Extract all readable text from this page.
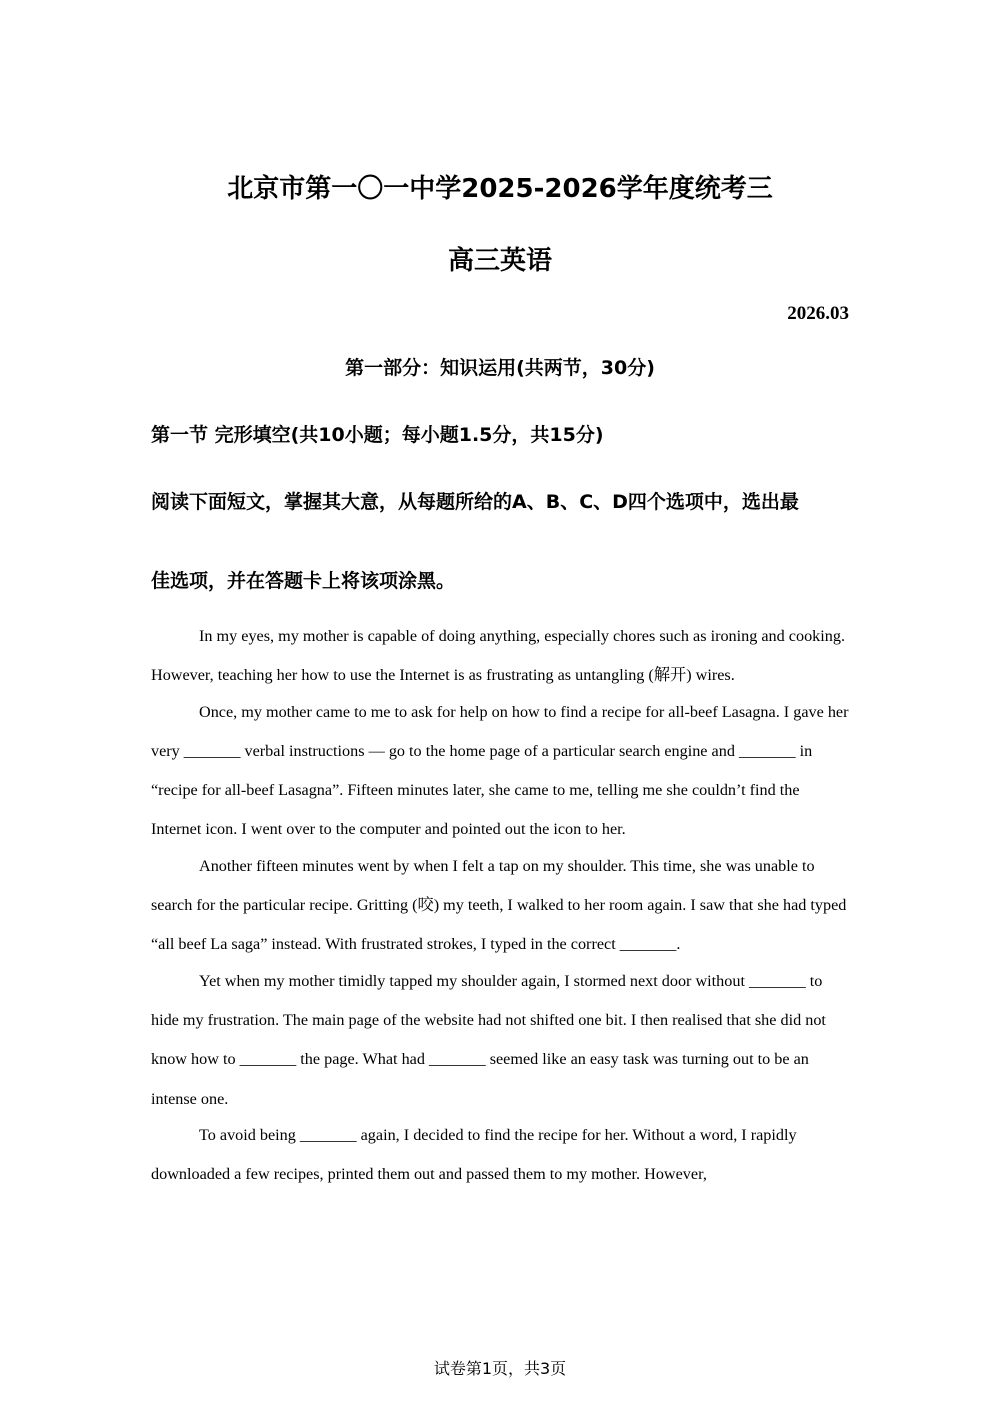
北京市第一〇一中学2025-2026学年度统考三
高三英语
2026.03
第一部分：知识运用(共两节，30分)
第一节 完形填空(共10小题；每小题1.5分，共15分)
阅读下面短文，掌握其大意，从每题所给的A、B、C、D四个选项中，选出最
佳选项，并在答题卡上将该项涂黑。

In my eyes, my mother is capable of doing anything, especially chores such as ironing and cooking. However, teaching her how to use the Internet is as frustrating as untangling (解开) wires.

Once, my mother came to me to ask for help on how to find a recipe for all-beef Lasagna. I gave her very _______ verbal instructions — go to the home page of a particular search engine and _______ in “recipe for all-beef Lasagna”. Fifteen minutes later, she came to me, telling me she couldn’t find the Internet icon. I went over to the computer and pointed out the icon to her.

Another fifteen minutes went by when I felt a tap on my shoulder. This time, she was unable to search for the particular recipe. Gritting (咬) my teeth, I walked to her room again. I saw that she had typed “all beef La saga” instead. With frustrated strokes, I typed in the correct _______.

Yet when my mother timidly tapped my shoulder again, I stormed next door without _______ to hide my frustration. The main page of the website had not shifted one bit. I then realised that she did not know how to _______ the page. What had _______ seemed like an easy task was turning out to be an intense one.

To avoid being _______ again, I decided to find the recipe for her. Without a word, I rapidly downloaded a few recipes, printed them out and passed them to my mother. However,

试卷第1页，共3页
